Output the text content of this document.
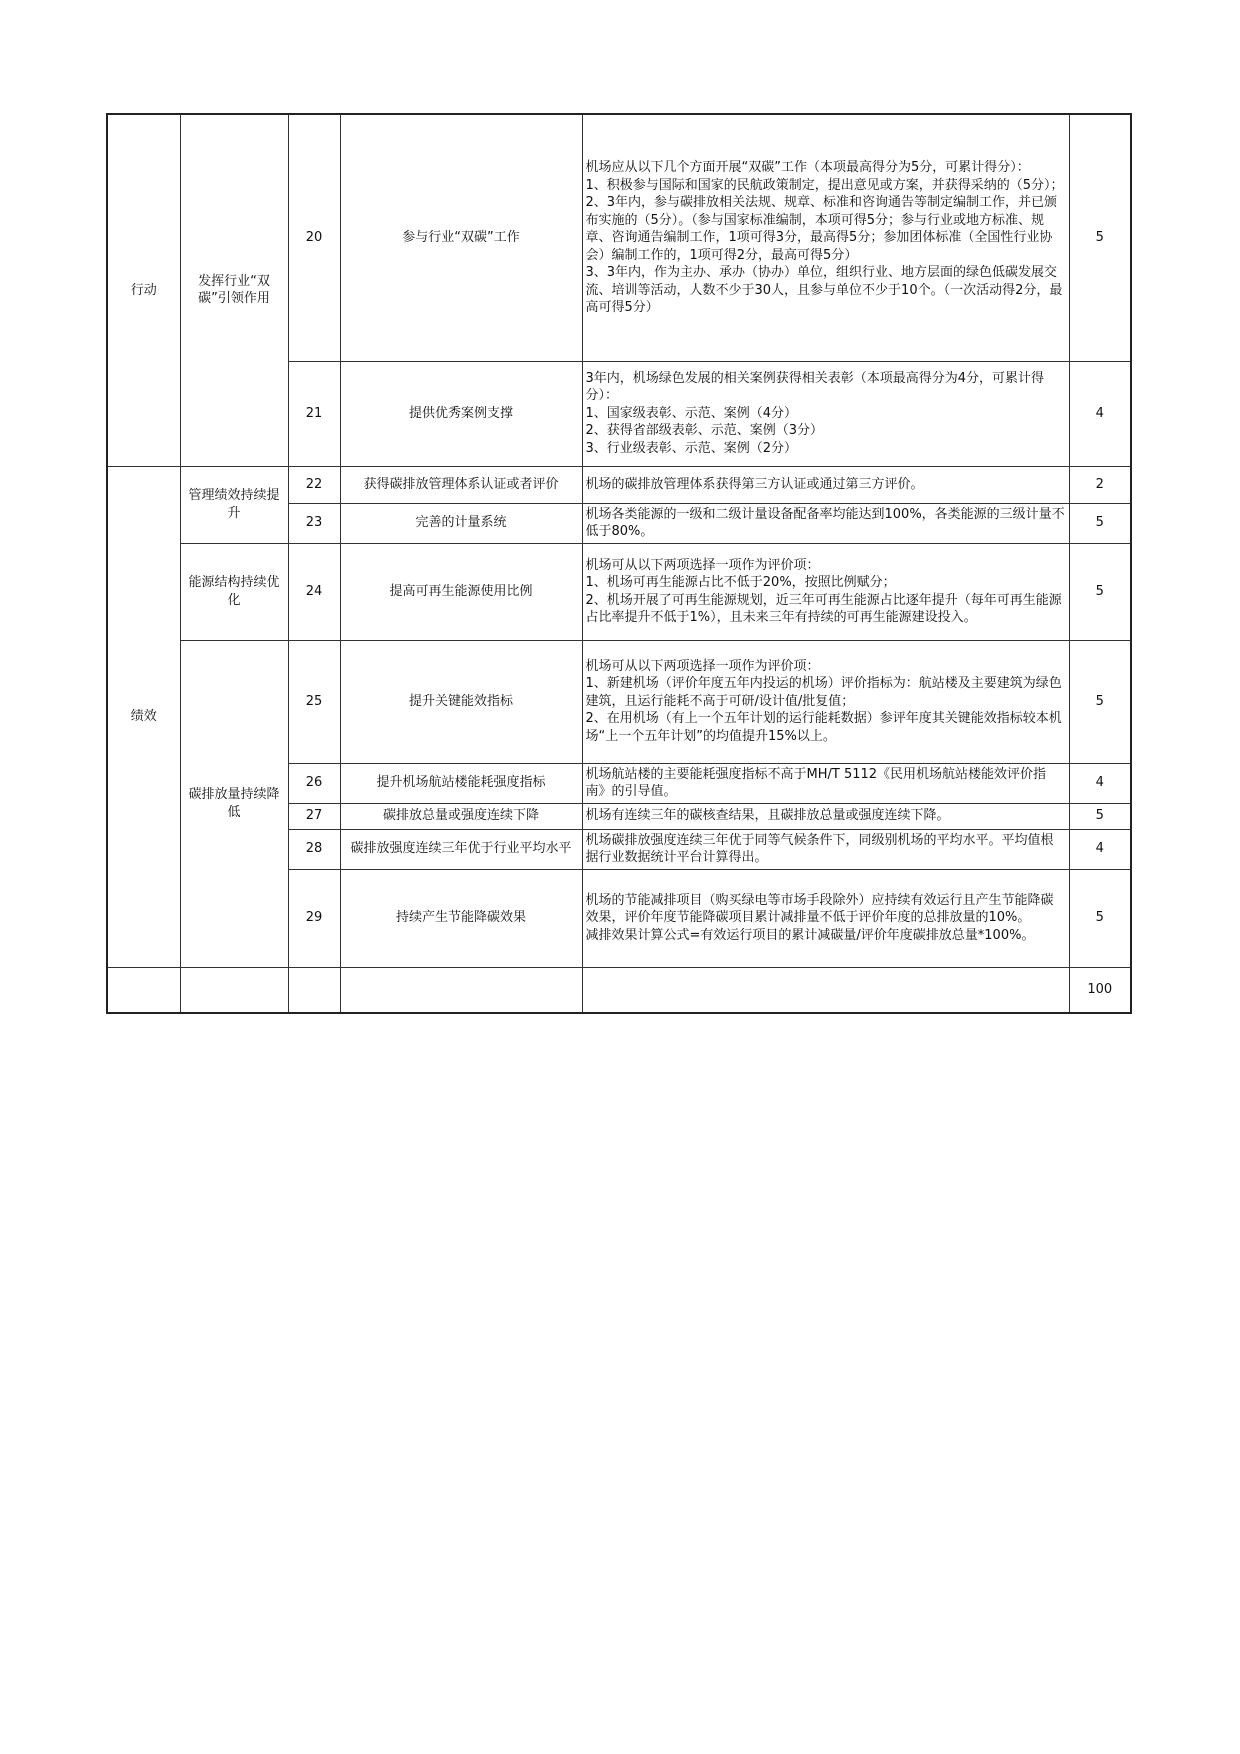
行动	发挥行业“双碳”引领作用	20	参与行业“双碳”工作	机场应从以下几个方面开展“双碳”工作（本项最高得分为5分，可累计得分）：
1、积极参与国际和国家的民航政策制定，提出意见或方案，并获得采纳的（5分）；
2、3年内，参与碳排放相关法规、规章、标准和咨询通告等制定编制工作，并已颁布实施的（5分）。（参与国家标准编制，本项可得5分；参与行业或地方标准、规章、咨询通告编制工作，1项可得3分，最高得5分；参加团体标准（全国性行业协会）编制工作的，1项可得2分，最高可得5分）
3、3年内，作为主办、承办（协办）单位，组织行业、地方层面的绿色低碳发展交流、培训等活动，人数不少于30人，且参与单位不少于10个。（一次活动得2分，最高可得5分）	5
		21	提供优秀案例支撑	3年内，机场绿色发展的相关案例获得相关表彰（本项最高得分为4分，可累计得分）：
1、国家级表彰、示范、案例（4分）
2、获得省部级表彰、示范、案例（3分）
3、行业级表彰、示范、案例（2分）	4
绩效	管理绩效持续提升	22	获得碳排放管理体系认证或者评价	机场的碳排放管理体系获得第三方认证或通过第三方评价。	2
		23	完善的计量系统	机场各类能源的一级和二级计量设备配备率均能达到100%，各类能源的三级计量不低于80%。	5
	能源结构持续优化	24	提高可再生能源使用比例	机场可从以下两项选择一项作为评价项：
1、机场可再生能源占比不低于20%，按照比例赋分；
2、机场开展了可再生能源规划，近三年可再生能源占比逐年提升（每年可再生能源占比率提升不低于1%），且未来三年有持续的可再生能源建设投入。	5
	碳排放量持续降低	25	提升关键能效指标	机场可从以下两项选择一项作为评价项：
1、新建机场（评价年度五年内投运的机场）评价指标为：航站楼及主要建筑为绿色建筑，且运行能耗不高于可研/设计值/批复值；
2、在用机场（有上一个五年计划的运行能耗数据）参评年度其关键能效指标较本机场“上一个五年计划”的均值提升15%以上。	5
		26	提升机场航站楼能耗强度指标	机场航站楼的主要能耗强度指标不高于MH/T 5112《民用机场航站楼能效评价指南》的引导值。	4
		27	碳排放总量或强度连续下降	机场有连续三年的碳核查结果，且碳排放总量或强度连续下降。	5
		28	碳排放强度连续三年优于行业平均水平	机场碳排放强度连续三年优于同等气候条件下，同级别机场的平均水平。平均值根据行业数据统计平台计算得出。	4
		29	持续产生节能降碳效果	机场的节能减排项目（购买绿电等市场手段除外）应持续有效运行且产生节能降碳效果，评价年度节能降碳项目累计减排量不低于评价年度的总排放量的10%。
减排效果计算公式=有效运行项目的累计减碳量/评价年度碳排放总量*100%。	5
					100
